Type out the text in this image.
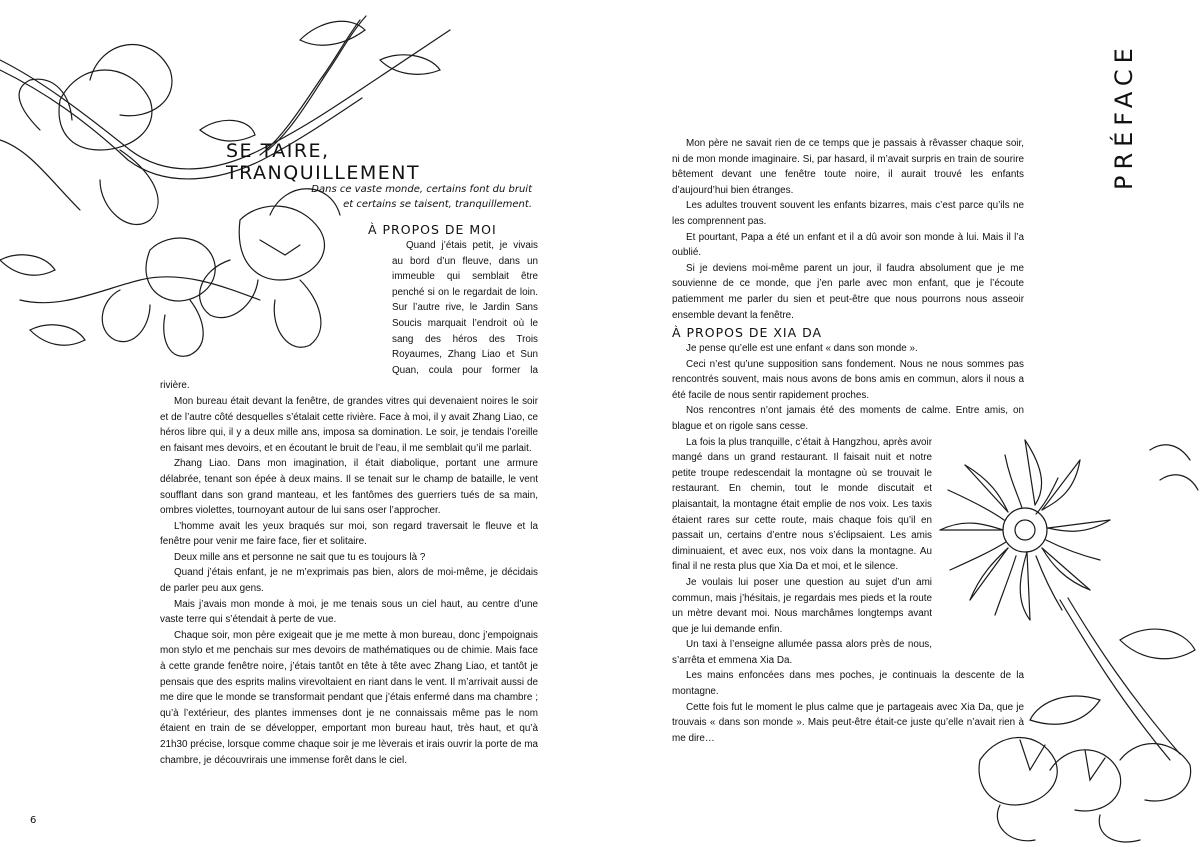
SE TAIRE, TRANQUILLEMENT

Dans ce vaste monde, certains font du bruit et certains se taisent, tranquillement.

À PROPOS DE MOI

Quand j’étais petit, je vivais au bord d’un fleuve, dans un immeuble qui semblait être penché si on le regardait de loin. Sur l’autre rive, le Jardin Sans Soucis marquait l’endroit où le sang des héros des Trois Royaumes, Zhang Liao et Sun Quan, coula pour former la rivière.

Mon bureau était devant la fenêtre, de grandes vitres qui devenaient noires le soir et de l’autre côté desquelles s’étalait cette rivière. Face à moi, il y avait Zhang Liao, ce héros libre qui, il y a deux mille ans, imposa sa domination. Le soir, je tendais l’oreille en faisant mes devoirs, et en écoutant le bruit de l’eau, il me semblait qu’il me parlait.

Zhang Liao. Dans mon imagination, il était diabolique, portant une armure délabrée, tenant son épée à deux mains. Il se tenait sur le champ de bataille, le vent soufflant dans son grand manteau, et les fantômes des guerriers tués de sa main, ombres violettes, tournoyant autour de lui sans oser l’approcher.

L’homme avait les yeux braqués sur moi, son regard traversait le fleuve et la fenêtre pour venir me faire face, fier et solitaire.

Deux mille ans et personne ne sait que tu es toujours là ?

Quand j’étais enfant, je ne m’exprimais pas bien, alors de moi-même, je décidais de parler peu aux gens.

Mais j’avais mon monde à moi, je me tenais sous un ciel haut, au centre d’une vaste terre qui s’étendait à perte de vue.

Chaque soir, mon père exigeait que je me mette à mon bureau, donc j’empoignais mon stylo et me penchais sur mes devoirs de mathématiques ou de chimie. Mais face à cette grande fenêtre noire, j’étais tantôt en tête à tête avec Zhang Liao, et tantôt je pensais que des esprits malins virevoltaient en riant dans le vent. Il m’arrivait aussi de me dire que le monde se transformait pendant que j’étais enfermé dans ma chambre ; qu’à l’extérieur, des plantes immenses dont je ne connaissais même pas le nom étaient en train de se développer, emportant mon bureau haut, très haut, et qu’à 21h30 précise, lorsque comme chaque soir je me lèverais et irais ouvrir la porte de ma chambre, je découvrirais une immense forêt dans le ciel.

Mon père ne savait rien de ce temps que je passais à rêvasser chaque soir, ni de mon monde imaginaire. Si, par hasard, il m’avait surpris en train de sourire bêtement devant une fenêtre toute noire, il aurait trouvé les enfants d’aujourd’hui bien étranges.

Les adultes trouvent souvent les enfants bizarres, mais c’est parce qu’ils ne les comprennent pas.

Et pourtant, Papa a été un enfant et il a dû avoir son monde à lui. Mais il l’a oublié.

Si je deviens moi-même parent un jour, il faudra absolument que je me souvienne de ce monde, que j’en parle avec mon enfant, que je l’écoute patiemment me parler du sien et peut-être que nous pourrons nous asseoir ensemble devant la fenêtre.

À PROPOS DE XIA DA

Je pense qu’elle est une enfant « dans son monde ».

Ceci n’est qu’une supposition sans fondement. Nous ne nous sommes pas rencontrés souvent, mais nous avons de bons amis en commun, alors il nous a été facile de nous sentir rapidement proches.

Nos rencontres n’ont jamais été des moments de calme. Entre amis, on blague et on rigole sans cesse.

La fois la plus tranquille, c’était à Hangzhou, après avoir mangé dans un grand restaurant. Il faisait nuit et notre petite troupe redescendait la montagne où se trouvait le restaurant. En chemin, tout le monde discutait et plaisantait, la montagne était emplie de nos voix. Les taxis étaient rares sur cette route, mais chaque fois qu’il en passait un, certains d’entre nous s’éclipsaient. Les amis diminuaient, et avec eux, nos voix dans la montagne. Au final il ne resta plus que Xia Da et moi, et le silence.

Je voulais lui poser une question au sujet d’un ami commun, mais j’hésitais, je regardais mes pieds et la route un mètre devant moi. Nous marchâmes longtemps avant que je lui demande enfin.

Un taxi à l’enseigne allumée passa alors près de nous, s’arrêta et emmena Xia Da.

Les mains enfoncées dans mes poches, je continuais la descente de la montagne.

Cette fois fut le moment le plus calme que je partageais avec Xia Da, que je trouvais « dans son monde ». Mais peut-être était-ce juste qu’elle n’avait rien à me dire…

PRÉFACE
6
